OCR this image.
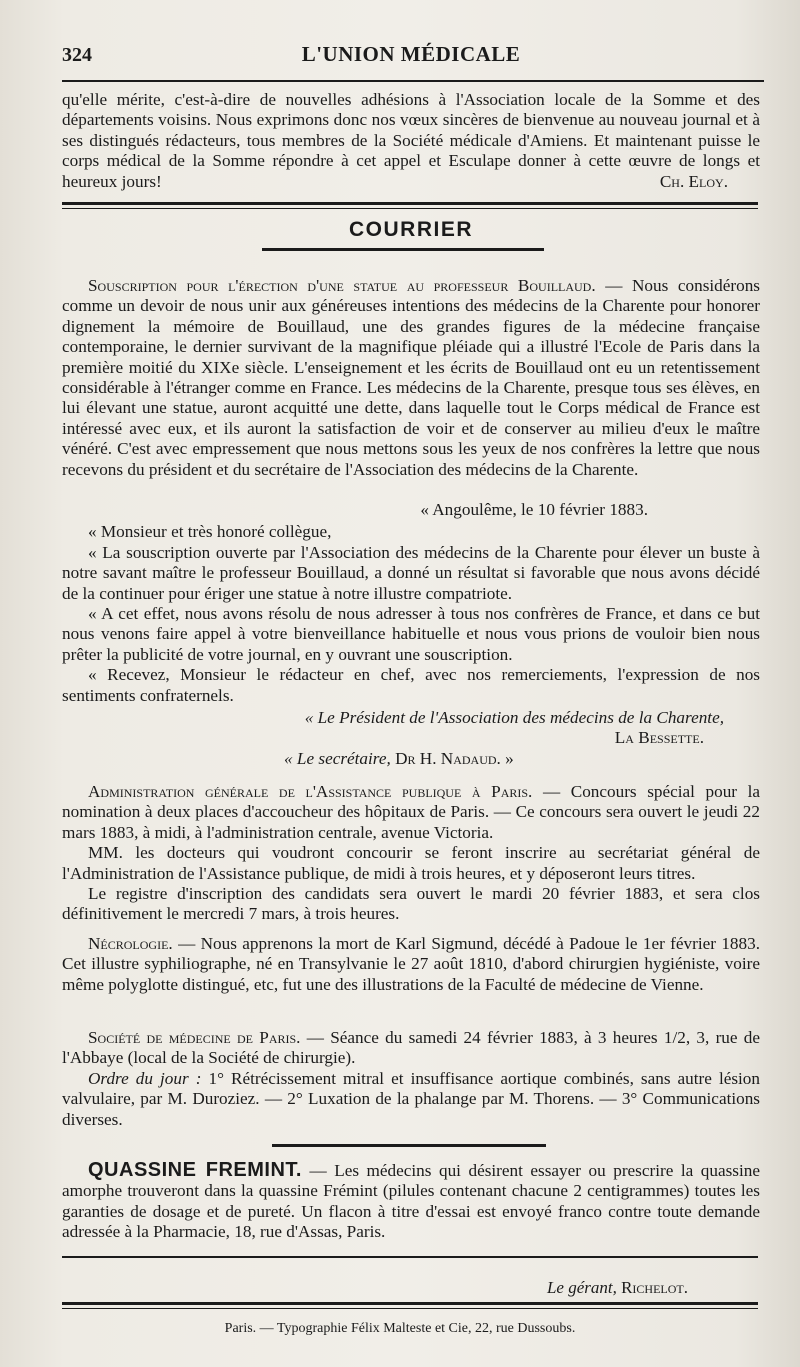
324	L'UNION MÉDICALE

qu'elle mérite, c'est-à-dire de nouvelles adhésions à l'Association locale de la Somme et des départements voisins. Nous exprimons donc nos vœux sincères de bienvenue au nouveau journal et à ses distingués rédacteurs, tous membres de la Société médicale d'Amiens. Et maintenant puisse le corps médical de la Somme répondre à cet appel et Esculape donner à cette œuvre de longs et heureux jours!	Ch. Eloy.

COURRIER

Souscription pour l'érection d'une statue au professeur Bouillaud. — Nous considérons comme un devoir de nous unir aux généreuses intentions des médecins de la Charente pour honorer dignement la mémoire de Bouillaud, une des grandes figures de la médecine française contemporaine, le dernier survivant de la magnifique pléiade qui a illustré l'Ecole de Paris dans la première moitié du XIXe siècle. L'enseignement et les écrits de Bouillaud ont eu un retentissement considérable à l'étranger comme en France. Les médecins de la Charente, presque tous ses élèves, en lui élevant une statue, auront acquitté une dette, dans laquelle tout le Corps médical de France est intéressé avec eux, et ils auront la satisfaction de voir et de conserver au milieu d'eux le maître vénéré. C'est avec empressement que nous mettons sous les yeux de nos confrères la lettre que nous recevons du président et du secrétaire de l'Association des médecins de la Charente.

« Angoulême, le 10 février 1883.

« Monsieur et très honoré collègue,

« La souscription ouverte par l'Association des médecins de la Charente pour élever un buste à notre savant maître le professeur Bouillaud, a donné un résultat si favorable que nous avons décidé de la continuer pour ériger une statue à notre illustre compatriote.

« A cet effet, nous avons résolu de nous adresser à tous nos confrères de France, et dans ce but nous venons faire appel à votre bienveillance habituelle et nous vous prions de vouloir bien nous prêter la publicité de votre journal, en y ouvrant une souscription.

« Recevez, Monsieur le rédacteur en chef, avec nos remerciements, l'expression de nos sentiments confraternels.

« Le Président de l'Association des médecins de la Charente,

La Bessette.

« Le secrétaire, Dr H. Nadaud. »

Administration générale de l'Assistance publique à Paris. — Concours spécial pour la nomination à deux places d'accoucheur des hôpitaux de Paris. — Ce concours sera ouvert le jeudi 22 mars 1883, à midi, à l'administration centrale, avenue Victoria.

MM. les docteurs qui voudront concourir se feront inscrire au secrétariat général de l'Administration de l'Assistance publique, de midi à trois heures, et y déposeront leurs titres.

Le registre d'inscription des candidats sera ouvert le mardi 20 février 1883, et sera clos définitivement le mercredi 7 mars, à trois heures.

Nécrologie. — Nous apprenons la mort de Karl Sigmund, décédé à Padoue le 1er février 1883. Cet illustre syphiliographe, né en Transylvanie le 27 août 1810, d'abord chirurgien hygiéniste, voire même polyglotte distingué, etc, fut une des illustrations de la Faculté de médecine de Vienne.

Société de médecine de Paris. — Séance du samedi 24 février 1883, à 3 heures 1/2, 3, rue de l'Abbaye (local de la Société de chirurgie).

Ordre du jour : 1° Rétrécissement mitral et insuffisance aortique combinés, sans autre lésion valvulaire, par M. Duroziez. — 2° Luxation de la phalange par M. Thorens. — 3° Communications diverses.

QUASSINE FREMINT. — Les médecins qui désirent essayer ou prescrire la quassine amorphe trouveront dans la quassine Frémint (pilules contenant chacune 2 centigrammes) toutes les garanties de dosage et de pureté. Un flacon à titre d'essai est envoyé franco contre toute demande adressée à la Pharmacie, 18, rue d'Assas, Paris.

Le gérant, Richelot.
Paris. — Typographie Félix Malteste et Cie, 22, rue Dussoubs.
